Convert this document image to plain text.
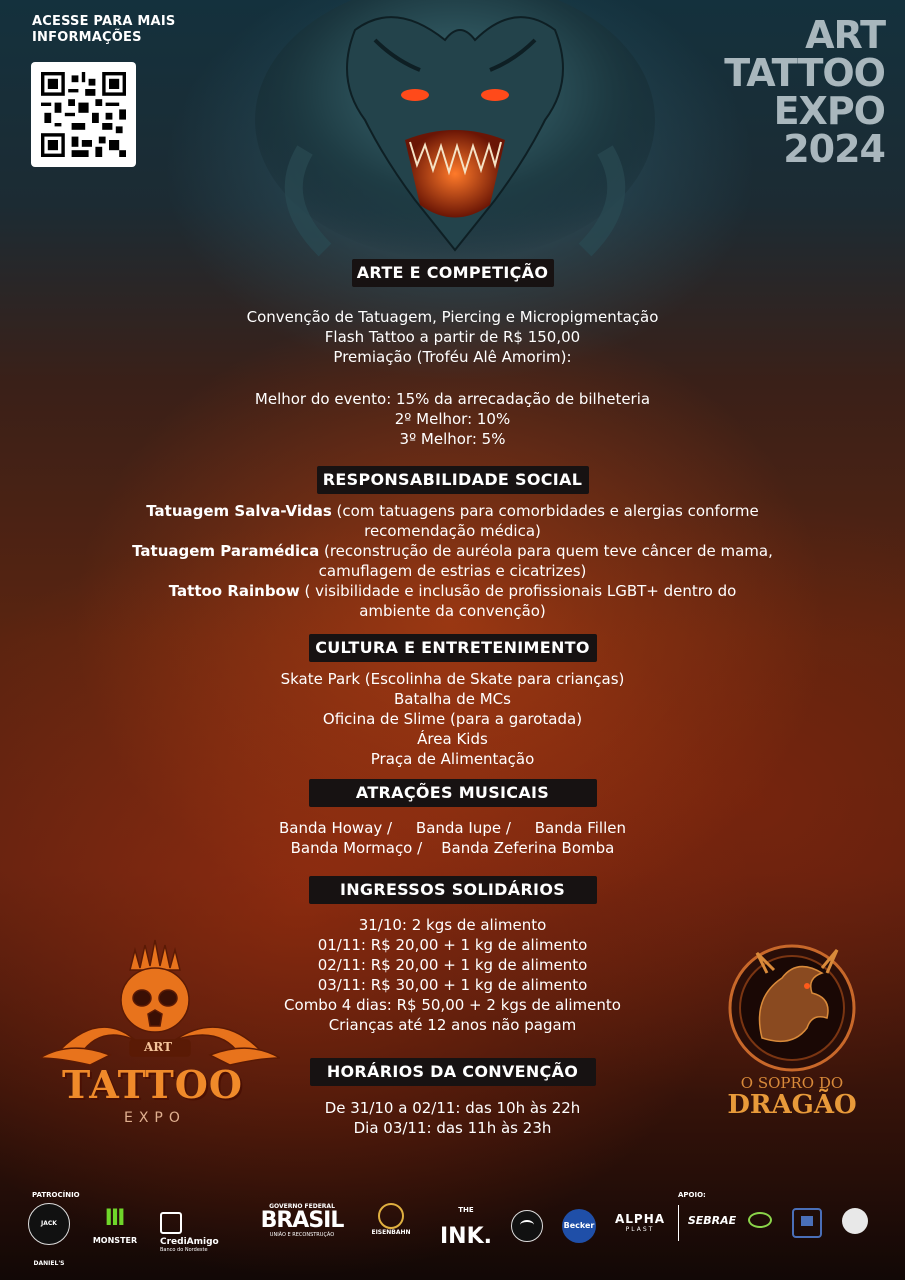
ACESSE PARA MAIS INFORMAÇÕES	ART
TATTOO
EXPO
2024
ARTE E COMPETIÇÃO
Convenção de Tatuagem, Piercing e Micropigmentação
Flash Tattoo a partir de R$ 150,00
Premiação (Troféu Alê Amorim):
Melhor do evento: 15% da arrecadação de bilheteria
2º Melhor: 10%
3º Melhor: 5%
RESPONSABILIDADE SOCIAL
Tatuagem Salva-Vidas (com tatuagens para comorbidades e alergias conforme
recomendação médica)
Tatuagem Paramédica (reconstrução de auréola para quem teve câncer de mama,
camuflagem de estrias e cicatrizes)
Tattoo Rainbow ( visibilidade e inclusão de profissionais LGBT+ dentro do
ambiente da convenção)
CULTURA E ENTRETENIMENTO
Skate Park (Escolinha de Skate para crianças)
Batalha de MCs
Oficina de Slime (para a garotada)
Área Kids
Praça de Alimentação
ATRAÇÕES MUSICAIS
Banda Howay /     Banda Iupe /     Banda Fillen
Banda Mormaço /    Banda Zeferina Bomba
INGRESSOS SOLIDÁRIOS
31/10: 2 kgs de alimento
01/11: R$ 20,00 + 1 kg de alimento
02/11: R$ 20,00 + 1 kg de alimento
03/11: R$ 30,00 + 1 kg de alimento
Combo 4 dias: R$ 50,00 + 2 kgs de alimento
Crianças até 12 anos não pagam
HORÁRIOS DA CONVENÇÃO
De 31/10 a 02/11: das 10h às 22h
Dia 03/11: das 11h às 23h
ART
TATTOO
EXPO
O SOPRO DO
DRAGÃO
PATROCÍNIO	APOIO:
JACK DANIEL'S
Ⅲ MONSTER
	CrediAmigo
Banco do Nordeste
GOVERNO FEDERAL
BRASIL
UNIÃO E RECONSTRUÇÃO	EISENBAHN
$^{THE}$ INK.	Becker	ALPHA
PLAST
SEBRAE
